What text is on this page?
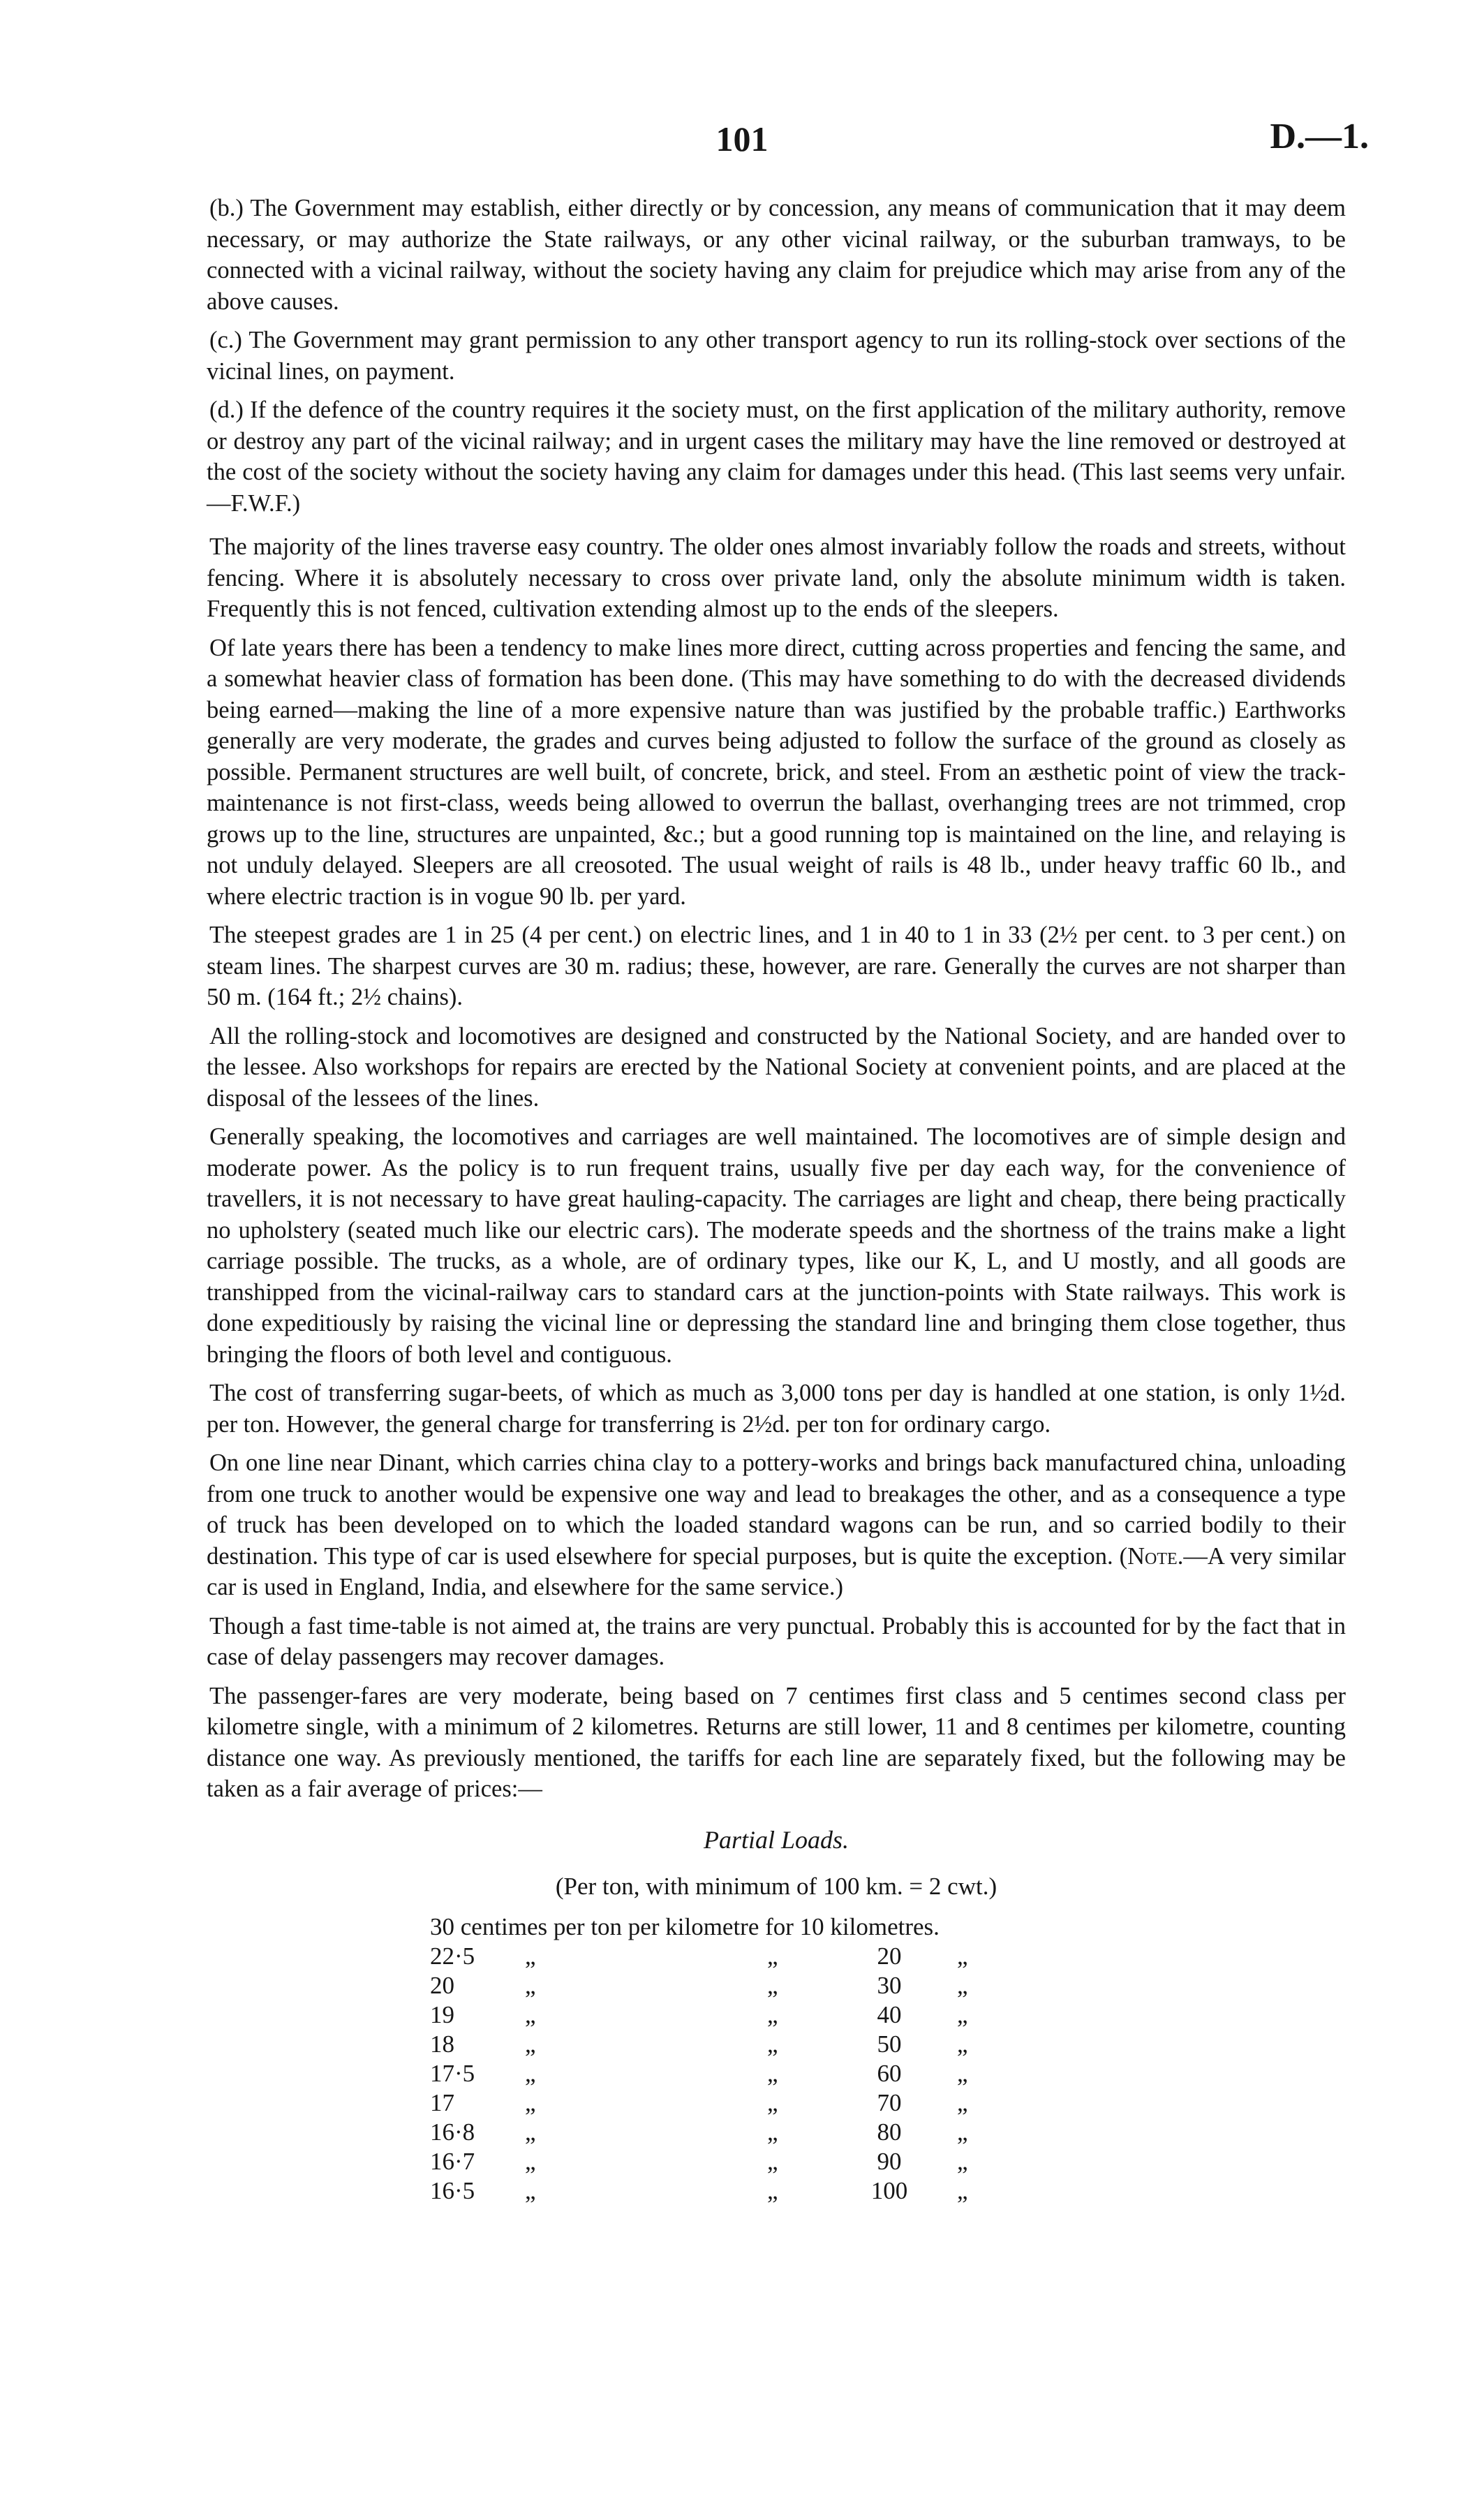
101	D.—1.

(b.) The Government may establish, either directly or by concession, any means of communication that it may deem necessary, or may authorize the State railways, or any other vicinal railway, or the suburban tramways, to be connected with a vicinal railway, without the society having any claim for prejudice which may arise from any of the above causes.

(c.) The Government may grant permission to any other transport agency to run its rolling-stock over sections of the vicinal lines, on payment.

(d.) If the defence of the country requires it the society must, on the first application of the military authority, remove or destroy any part of the vicinal railway; and in urgent cases the military may have the line removed or destroyed at the cost of the society without the society having any claim for damages under this head. (This last seems very unfair.—F.W.F.)

The majority of the lines traverse easy country. The older ones almost invariably follow the roads and streets, without fencing. Where it is absolutely necessary to cross over private land, only the absolute minimum width is taken. Frequently this is not fenced, cultivation extending almost up to the ends of the sleepers.

Of late years there has been a tendency to make lines more direct, cutting across properties and fencing the same, and a somewhat heavier class of formation has been done. (This may have something to do with the decreased dividends being earned—making the line of a more expensive nature than was justified by the probable traffic.) Earthworks generally are very moderate, the grades and curves being adjusted to follow the surface of the ground as closely as possible. Permanent structures are well built, of concrete, brick, and steel. From an æsthetic point of view the track-maintenance is not first-class, weeds being allowed to overrun the ballast, overhanging trees are not trimmed, crop grows up to the line, structures are unpainted, &c.; but a good running top is maintained on the line, and relaying is not unduly delayed. Sleepers are all creosoted. The usual weight of rails is 48 lb., under heavy traffic 60 lb., and where electric traction is in vogue 90 lb. per yard.

The steepest grades are 1 in 25 (4 per cent.) on electric lines, and 1 in 40 to 1 in 33 (2½ per cent. to 3 per cent.) on steam lines. The sharpest curves are 30 m. radius; these, however, are rare. Generally the curves are not sharper than 50 m. (164 ft.; 2½ chains).

All the rolling-stock and locomotives are designed and constructed by the National Society, and are handed over to the lessee. Also workshops for repairs are erected by the National Society at convenient points, and are placed at the disposal of the lessees of the lines.

Generally speaking, the locomotives and carriages are well maintained. The locomotives are of simple design and moderate power. As the policy is to run frequent trains, usually five per day each way, for the convenience of travellers, it is not necessary to have great hauling-capacity. The carriages are light and cheap, there being practically no upholstery (seated much like our electric cars). The moderate speeds and the shortness of the trains make a light carriage possible. The trucks, as a whole, are of ordinary types, like our K, L, and U mostly, and all goods are transhipped from the vicinal-railway cars to standard cars at the junction-points with State railways. This work is done expeditiously by raising the vicinal line or depressing the standard line and bringing them close together, thus bringing the floors of both level and contiguous.

The cost of transferring sugar-beets, of which as much as 3,000 tons per day is handled at one station, is only 1½d. per ton. However, the general charge for transferring is 2½d. per ton for ordinary cargo.

On one line near Dinant, which carries china clay to a pottery-works and brings back manufactured china, unloading from one truck to another would be expensive one way and lead to breakages the other, and as a consequence a type of truck has been developed on to which the loaded standard wagons can be run, and so carried bodily to their destination. This type of car is used elsewhere for special purposes, but is quite the exception. (Note.—A very similar car is used in England, India, and elsewhere for the same service.)

Though a fast time-table is not aimed at, the trains are very punctual. Probably this is accounted for by the fact that in case of delay passengers may recover damages.

The passenger-fares are very moderate, being based on 7 centimes first class and 5 centimes second class per kilometre single, with a minimum of 2 kilometres. Returns are still lower, 11 and 8 centimes per kilometre, counting distance one way. As previously mentioned, the tariffs for each line are separately fixed, but the following may be taken as a fair average of prices:—

Partial Loads.
(Per ton, with minimum of 100 km. = 2 cwt.)
30 centimes per ton per kilometre for 10 kilometres.
22·5 „	„	20	„
20	„	„	30	„
19	„	„	40	„
18	„	„	50	„
17·5 „	„	60	„
17	„	„	70	„
16·8 „	„	80	„
16·7 „	„	90	„
16·5 „	„	100	„
